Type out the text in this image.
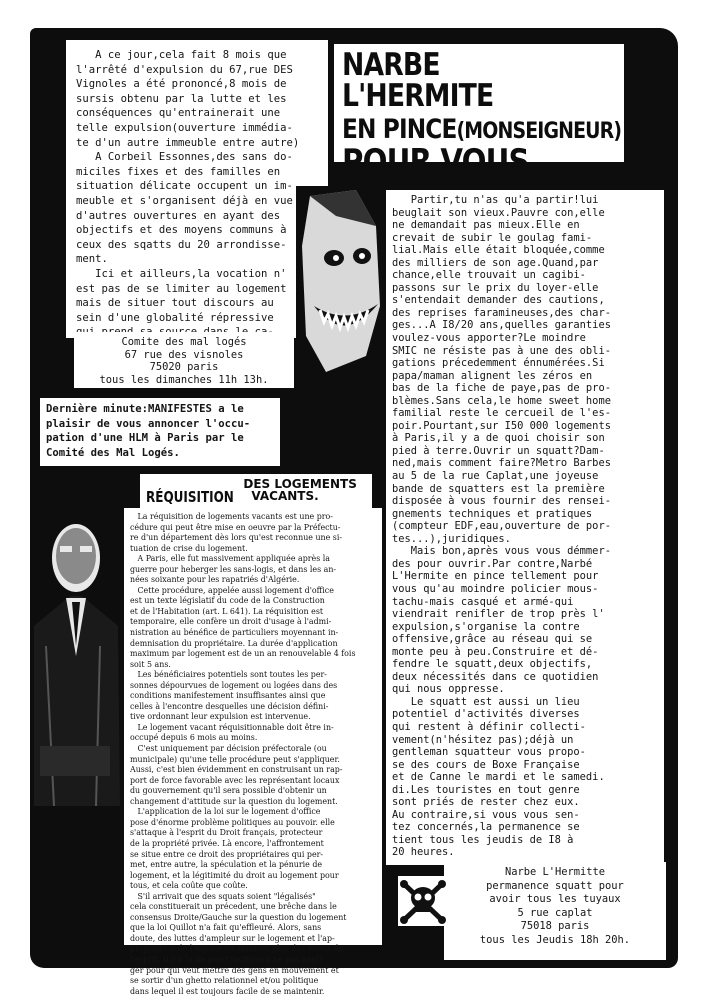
A ce jour,cela fait 8 mois que
l'arrêté d'expulsion du 67,rue DES
Vignoles a été prononcé,8 mois de
sursis obtenu par la lutte et les
conséquences qu'entrainerait une
telle expulsion(ouverture immédia-
te d'un autre immeuble entre autre)
A Corbeil Essonnes,des sans do-
miciles fixes et des familles en
situation délicate occupent un im-
meuble et s'organisent déjà en vue
d'autres ouvertures en ayant des
objectifs et des moyens communs à
ceux des sqatts du 20 arrondisse-
ment.
Ici et ailleurs,la vocation n'
est pas de se limiter au logement
mais de situer tout discours au
sein d'une globalité répressive
NARBE L'HERMITE
EN PINCE(MONSEIGNEUR)
POUR VOUS.
Comite des mal logés
67 rue des visnoles
75020 paris
tous les dimanches 11h 13h.
Dernière minute:MANIFESTES a le
plaisir de vous annoncer l'occu-
pation d'une HLM à Paris par le
Comité des Mal Logés.
RÉQUISITION
DES LOGEMENTS
VACANTS.
La réquisition de logements vacants est une pro-
cédure qui peut être mise en oeuvre par la Préfectu-
re d'un département dès lors qu'est reconnue une si-
tuation de crise du logement.
A Paris, elle fut massivement appliquée après la
guerre pour heberger les sans-logis, et dans les an-
nées soixante pour les rapatriés d'Algérie.
Cette procédure, appelée aussi logement d'office
est un texte législatif du code de la Construction
et de l'Habitation (art. L 641). La réquisition est
temporaire, elle confère un droit d'usage à l'admi-
nistration au bénéfice de particuliers moyennant in-
demnisation du propriétaire. La durée d'application
maximum par logement est de un an renouvelable 4 fois
soit 5 ans.
Les bénéficiaires potentiels sont toutes les per-
sonnes dépourvues de logement ou logées dans des
conditions manifestement insuffisantes ainsi que
celles à l'encontre desquelles une décision défini-
tive ordonnant leur expulsion est intervenue.
Le logement vacant réquisitionnable doit être in-
occupé depuis 6 mois au moins.
C'est uniquement par décision préfectorale (ou
municipale) qu'une telle procédure peut s'appliquer.
Aussi, c'est bien évidemment en construisant un rap-
port de force favorable avec les représentant locaux
du gouvernement qu'il sera possible d'obtenir un
changement d'attitude sur la question du logement.
L'application de la loi sur le logement d'office
pose d'énorme problème politiques au pouvoir. elle
s'attaque à l'esprit du Droit français, protecteur
de la propriété privée. Là encore, l'affrontement
se situe entre ce droit des propriétaires qui per-
met, entre autre, la spéculation et la pénurie de
logement, et la légitimité du droit au logement pour
tous, et cela coûte que coûte.
S'il arrivait que des squats soient "légalisés"
cela constituerait un précedent, une brêche dans le
consensus Droite/Gauche sur la question du logement
que la loi Quillot n'a fait qu'effleuré. Alors, sans
doute, des luttes d'ampleur sur le logement et l'ap-
propriation de l'espace ne seraient plus des voeux de
l'esprit. Il y a là un point tactique à ne pas négli-
ger pour qui veut mettre des gens en mouvement et
se sortir d'un ghetto relationnel et/ou politique
dans lequel il est toujours facile de se maintenir.
Partir,tu n'as qu'a partir!lui
beuglait son vieux.Pauvre con,elle
ne demandait pas mieux.Elle en
crevait de subir le goulag fami-
lial.Mais elle était bloquée,comme
des milliers de son age.Quand,par
chance,elle trouvait un cagibi-
passons sur le prix du loyer-elle
s'entendait demander des cautions,
des reprises faramineuses,des char-
ges...A I8/20 ans,quelles garanties
voulez-vous apporter?Le moindre
SMIC ne résiste pas à une des obli-
gations précedemment énnumérées.Si
papa/maman alignent les zéros en
bas de la fiche de paye,pas de pro-
blèmes.Sans cela,le home sweet home
familial reste le cercueil de l'es-
poir.Pourtant,sur I50 000 logements
à Paris,il y a de quoi choisir son
pied à terre.Ouvrir un squatt?Dam-
ned,mais comment faire?Metro Barbes
au 5 de la rue Caplat,une joyeuse
bande de squatters est la première
disposée à vous fournir des rensei-
gnements techniques et pratiques
(compteur EDF,eau,ouverture de por-
tes...),juridiques.
Mais bon,après vous vous démmer-
des pour ouvrir.Par contre,Narbé
L'Hermite en pince tellement pour
vous qu'au moindre policier mous-
tachu-mais casqué et armé-qui
viendrait renifler de trop près l'
expulsion,s'organise la contre
offensive,grâce au réseau qui se
monte peu à peu.Construire et dé-
fendre le squatt,deux objectifs,
deux nécessités dans ce quotidien
qui nous oppresse.
Le squatt est aussi un lieu
potentiel d'activités diverses
qui restent à définir collecti-
vement(n'hésitez pas);déjà un
gentleman squatteur vous propo-
se des cours de Boxe Française
et de Canne le mardi et le samedi.
di.Les touristes en tout genre
sont priés de rester chez eux.
Au contraire,si vous vous sen-
tez concernés,la permanence se
tient tous les jeudis de I8 à
20 heures.
Narbe L'Hermitte
permanence squatt pour
avoir tous les tuyaux
5 rue caplat
75018 paris
tous les Jeudis 18h 20h.
